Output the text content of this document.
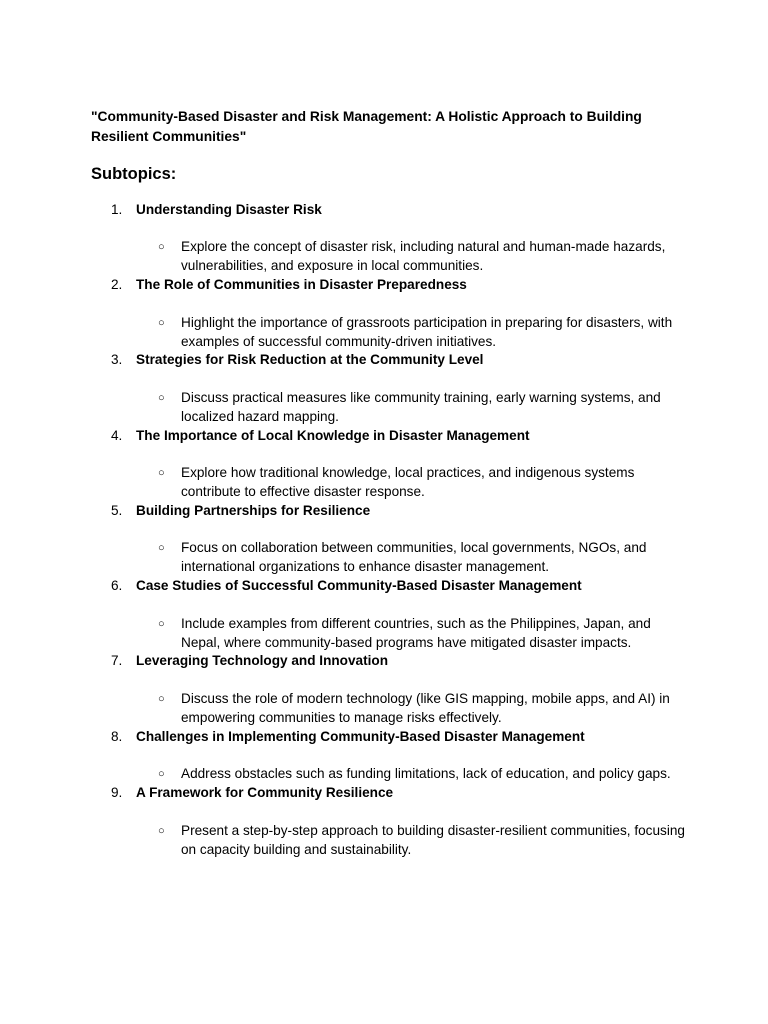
"Community-Based Disaster and Risk Management: A Holistic Approach to Building Resilient Communities"

Subtopics:

1.	Understanding Disaster Risk
○ Explore the concept of disaster risk, including natural and human-made hazards, vulnerabilities, and exposure in local communities.
2.	The Role of Communities in Disaster Preparedness
○ Highlight the importance of grassroots participation in preparing for disasters, with examples of successful community-driven initiatives.
3.	Strategies for Risk Reduction at the Community Level
○ Discuss practical measures like community training, early warning systems, and localized hazard mapping.
4.	The Importance of Local Knowledge in Disaster Management
○ Explore how traditional knowledge, local practices, and indigenous systems contribute to effective disaster response.
5.	Building Partnerships for Resilience
○ Focus on collaboration between communities, local governments, NGOs, and international organizations to enhance disaster management.
6.	Case Studies of Successful Community-Based Disaster Management
○ Include examples from different countries, such as the Philippines, Japan, and Nepal, where community-based programs have mitigated disaster impacts.
7.	Leveraging Technology and Innovation
○ Discuss the role of modern technology (like GIS mapping, mobile apps, and AI) in empowering communities to manage risks effectively.
8.	Challenges in Implementing Community-Based Disaster Management
○ Address obstacles such as funding limitations, lack of education, and policy gaps.
9.	A Framework for Community Resilience
○ Present a step-by-step approach to building disaster-resilient communities, focusing on capacity building and sustainability.
